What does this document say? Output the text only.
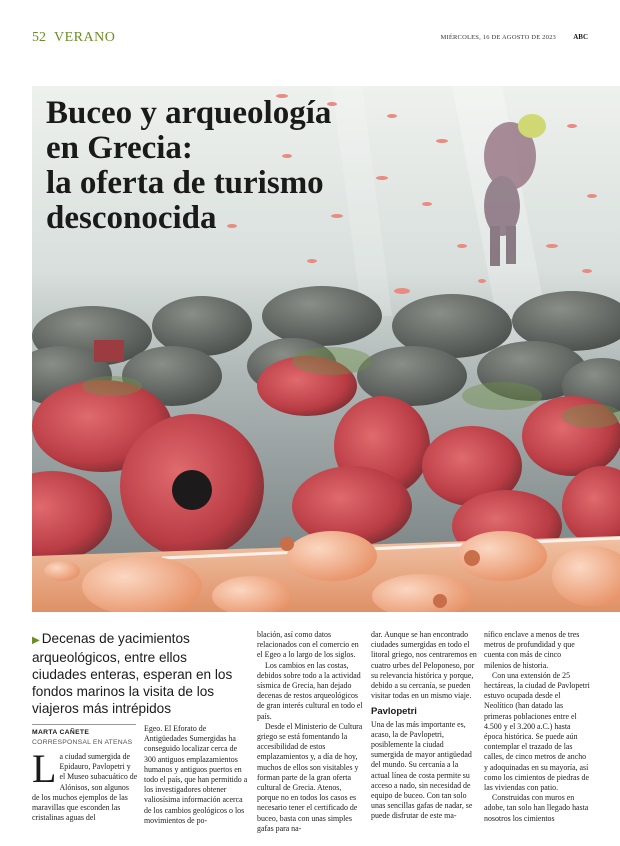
52 VERANO	MIÉRCOLES, 16 DE AGOSTO DE 2023 ABC
Buceo y arqueología
en Grecia:
la oferta de turismo
desconocida
▶ Decenas de yacimientos arqueológicos, entre ellos ciudades enteras, esperan en los fondos marinos la visita de los viajeros más intrépidos
MARTA CAÑETE
CORRESPONSAL EN ATENAS

La ciudad sumergida de Epidauro, Pavlopetri y el Museo subacuático de Alónisos, son algunos de los muchos ejemplos de las maravillas que esconden las cristalinas aguas del

Egeo. El Eforato de Antigüedades Sumergidas ha conseguido localizar cerca de 300 antiguos emplazamientos humanos y antiguos puertos en todo el país, que han permitido a los investigadores obtener valiosísima información acerca de los cambios geológicos o los movimientos de po-

blación, así como datos relacionados con el comercio en el Egeo a lo largo de los siglos.

Los cambios en las costas, debidos sobre todo a la actividad sísmica de Grecia, han dejado decenas de restos arqueológicos de gran interés cultural en todo el país.

Desde el Ministerio de Cultura griego se está fomentando la accesibilidad de estos emplazamientos y, a día de hoy, muchos de ellos son visitables y forman parte de la gran oferta cultural de Grecia. Atenos, porque no en todos los casos es necesario tener el certificado de buceo, basta con unas simples gafas para na-

dar. Aunque se han encontrado ciudades sumergidas en todo el litoral griego, nos centraremos en cuatro urbes del Peloponeso, por su relevancia histórica y porque, debido a su cercanía, se pueden visitar todas en un mismo viaje.

Pavlopetri

Una de las más importante es, acaso, la de Pavlopetri, posiblemente la ciudad sumergida de mayor antigüedad del mundo. Su cercanía a la actual línea de costa permite su acceso a nado, sin necesidad de equipo de buceo. Con tan solo unas sencillas gafas de nadar, se puede disfrutar de este ma-

nífico enclave a menos de tres metros de profundidad y que cuenta con más de cinco milenios de historia.

Con una extensión de 25 hectáreas, la ciudad de Pavlopetri estuvo ocupada desde el Neolítico (han datado las primeras poblaciones entre el 4.500 y el 3.200 a.C.) hasta época histórica. Se puede aún contemplar el trazado de las calles, de cinco metros de ancho y adoquinadas en su mayoría, así como los cimientos de piedras de las viviendas con patio.

Construidas con muros en adobe, tan solo han llegado hasta nosotros los cimientos
